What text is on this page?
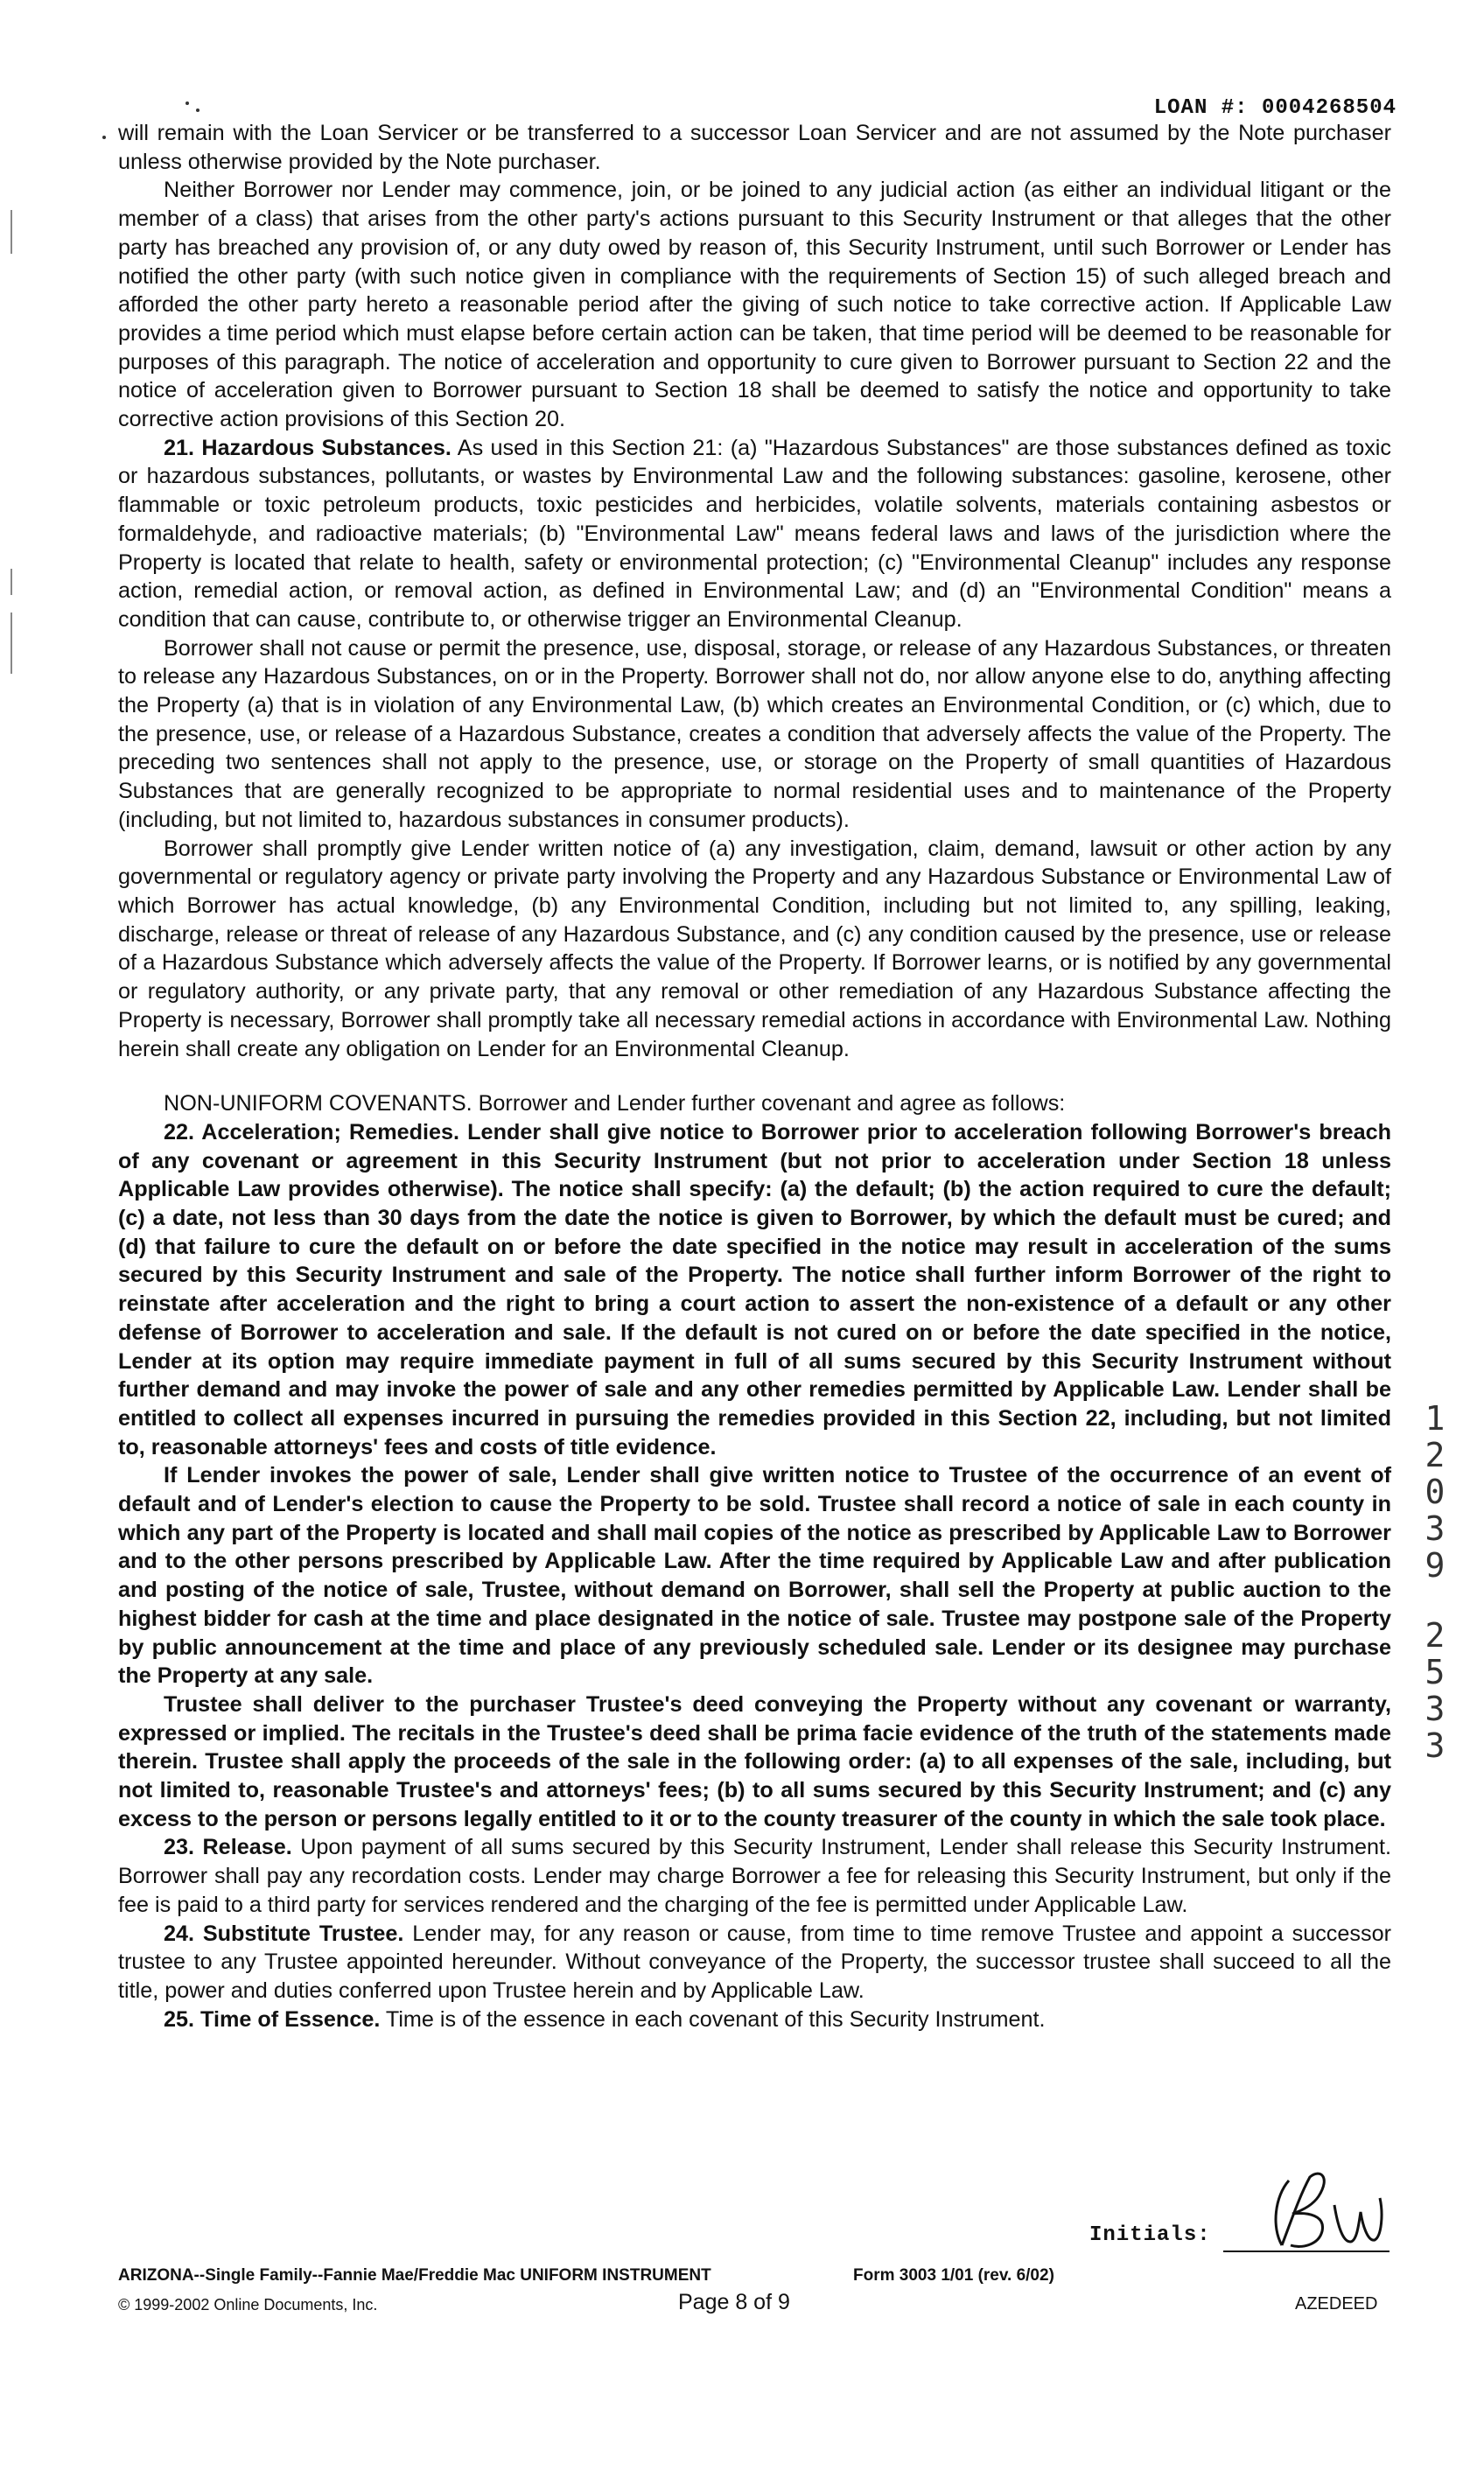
LOAN #: 0004268504

will remain with the Loan Servicer or be transferred to a successor Loan Servicer and are not assumed by the Note purchaser unless otherwise provided by the Note purchaser.

Neither Borrower nor Lender may commence, join, or be joined to any judicial action (as either an individual litigant or the member of a class) that arises from the other party's actions pursuant to this Security Instrument or that alleges that the other party has breached any provision of, or any duty owed by reason of, this Security Instrument, until such Borrower or Lender has notified the other party (with such notice given in compliance with the requirements of Section 15) of such alleged breach and afforded the other party hereto a reasonable period after the giving of such notice to take corrective action. If Applicable Law provides a time period which must elapse before certain action can be taken, that time period will be deemed to be reasonable for purposes of this paragraph. The notice of acceleration and opportunity to cure given to Borrower pursuant to Section 22 and the notice of acceleration given to Borrower pursuant to Section 18 shall be deemed to satisfy the notice and opportunity to take corrective action provisions of this Section 20.

21. Hazardous Substances. As used in this Section 21: (a) "Hazardous Substances" are those substances defined as toxic or hazardous substances, pollutants, or wastes by Environmental Law and the following substances: gasoline, kerosene, other flammable or toxic petroleum products, toxic pesticides and herbicides, volatile solvents, materials containing asbestos or formaldehyde, and radioactive materials; (b) "Environmental Law" means federal laws and laws of the jurisdiction where the Property is located that relate to health, safety or environmental protection; (c) "Environmental Cleanup" includes any response action, remedial action, or removal action, as defined in Environmental Law; and (d) an "Environmental Condition" means a condition that can cause, contribute to, or otherwise trigger an Environmental Cleanup.

Borrower shall not cause or permit the presence, use, disposal, storage, or release of any Hazardous Substances, or threaten to release any Hazardous Substances, on or in the Property. Borrower shall not do, nor allow anyone else to do, anything affecting the Property (a) that is in violation of any Environmental Law, (b) which creates an Environmental Condition, or (c) which, due to the presence, use, or release of a Hazardous Substance, creates a condition that adversely affects the value of the Property. The preceding two sentences shall not apply to the presence, use, or storage on the Property of small quantities of Hazardous Substances that are generally recognized to be appropriate to normal residential uses and to maintenance of the Property (including, but not limited to, hazardous substances in consumer products).

Borrower shall promptly give Lender written notice of (a) any investigation, claim, demand, lawsuit or other action by any governmental or regulatory agency or private party involving the Property and any Hazardous Substance or Environmental Law of which Borrower has actual knowledge, (b) any Environmental Condition, including but not limited to, any spilling, leaking, discharge, release or threat of release of any Hazardous Substance, and (c) any condition caused by the presence, use or release of a Hazardous Substance which adversely affects the value of the Property. If Borrower learns, or is notified by any governmental or regulatory authority, or any private party, that any removal or other remediation of any Hazardous Substance affecting the Property is necessary, Borrower shall promptly take all necessary remedial actions in accordance with Environmental Law. Nothing herein shall create any obligation on Lender for an Environmental Cleanup.

NON-UNIFORM COVENANTS. Borrower and Lender further covenant and agree as follows:

22. Acceleration; Remedies. Lender shall give notice to Borrower prior to acceleration following Borrower's breach of any covenant or agreement in this Security Instrument (but not prior to acceleration under Section 18 unless Applicable Law provides otherwise). The notice shall specify: (a) the default; (b) the action required to cure the default; (c) a date, not less than 30 days from the date the notice is given to Borrower, by which the default must be cured; and (d) that failure to cure the default on or before the date specified in the notice may result in acceleration of the sums secured by this Security Instrument and sale of the Property. The notice shall further inform Borrower of the right to reinstate after acceleration and the right to bring a court action to assert the non-existence of a default or any other defense of Borrower to acceleration and sale. If the default is not cured on or before the date specified in the notice, Lender at its option may require immediate payment in full of all sums secured by this Security Instrument without further demand and may invoke the power of sale and any other remedies permitted by Applicable Law. Lender shall be entitled to collect all expenses incurred in pursuing the remedies provided in this Section 22, including, but not limited to, reasonable attorneys' fees and costs of title evidence.

If Lender invokes the power of sale, Lender shall give written notice to Trustee of the occurrence of an event of default and of Lender's election to cause the Property to be sold. Trustee shall record a notice of sale in each county in which any part of the Property is located and shall mail copies of the notice as prescribed by Applicable Law to Borrower and to the other persons prescribed by Applicable Law. After the time required by Applicable Law and after publication and posting of the notice of sale, Trustee, without demand on Borrower, shall sell the Property at public auction to the highest bidder for cash at the time and place designated in the notice of sale. Trustee may postpone sale of the Property by public announcement at the time and place of any previously scheduled sale. Lender or its designee may purchase the Property at any sale.

Trustee shall deliver to the purchaser Trustee's deed conveying the Property without any covenant or warranty, expressed or implied. The recitals in the Trustee's deed shall be prima facie evidence of the truth of the statements made therein. Trustee shall apply the proceeds of the sale in the following order: (a) to all expenses of the sale, including, but not limited to, reasonable Trustee's and attorneys' fees; (b) to all sums secured by this Security Instrument; and (c) any excess to the person or persons legally entitled to it or to the county treasurer of the county in which the sale took place.

23. Release. Upon payment of all sums secured by this Security Instrument, Lender shall release this Security Instrument. Borrower shall pay any recordation costs. Lender may charge Borrower a fee for releasing this Security Instrument, but only if the fee is paid to a third party for services rendered and the charging of the fee is permitted under Applicable Law.

24. Substitute Trustee. Lender may, for any reason or cause, from time to time remove Trustee and appoint a successor trustee to any Trustee appointed hereunder. Without conveyance of the Property, the successor trustee shall succeed to all the title, power and duties conferred upon Trustee herein and by Applicable Law.

25. Time of Essence. Time is of the essence in each covenant of this Security Instrument.

Initials:
ARIZONA--Single Family--Fannie Mae/Freddie Mac UNIFORM INSTRUMENT	Form 3003 1/01 (rev. 6/02)
© 1999-2002 Online Documents, Inc.	Page 8 of 9	AZEDEED
1
2
0
3
9
2
5
3
3
